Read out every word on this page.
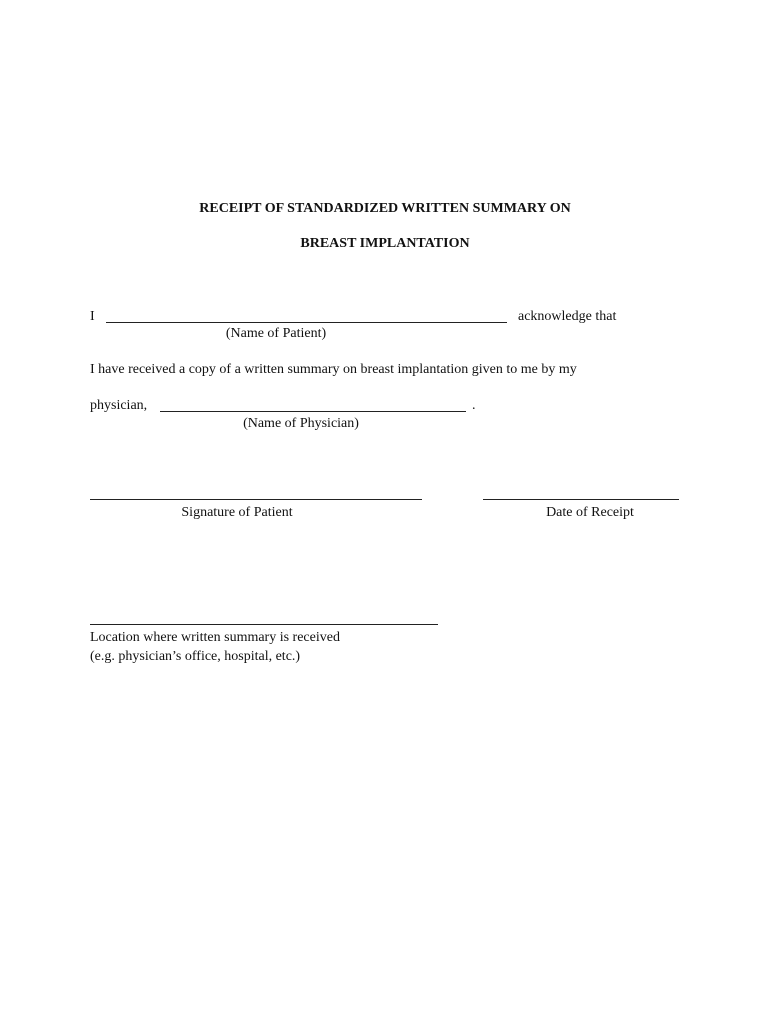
RECEIPT OF STANDARDIZED WRITTEN SUMMARY ON
BREAST IMPLANTATION
I	acknowledge that
(Name of Patient)
I have received a copy of a written summary on breast implantation given to me by my
physician,	.
(Name of Physician)
Signature of Patient	Date of Receipt
Location where written summary is received
(e.g. physician’s office, hospital, etc.)
